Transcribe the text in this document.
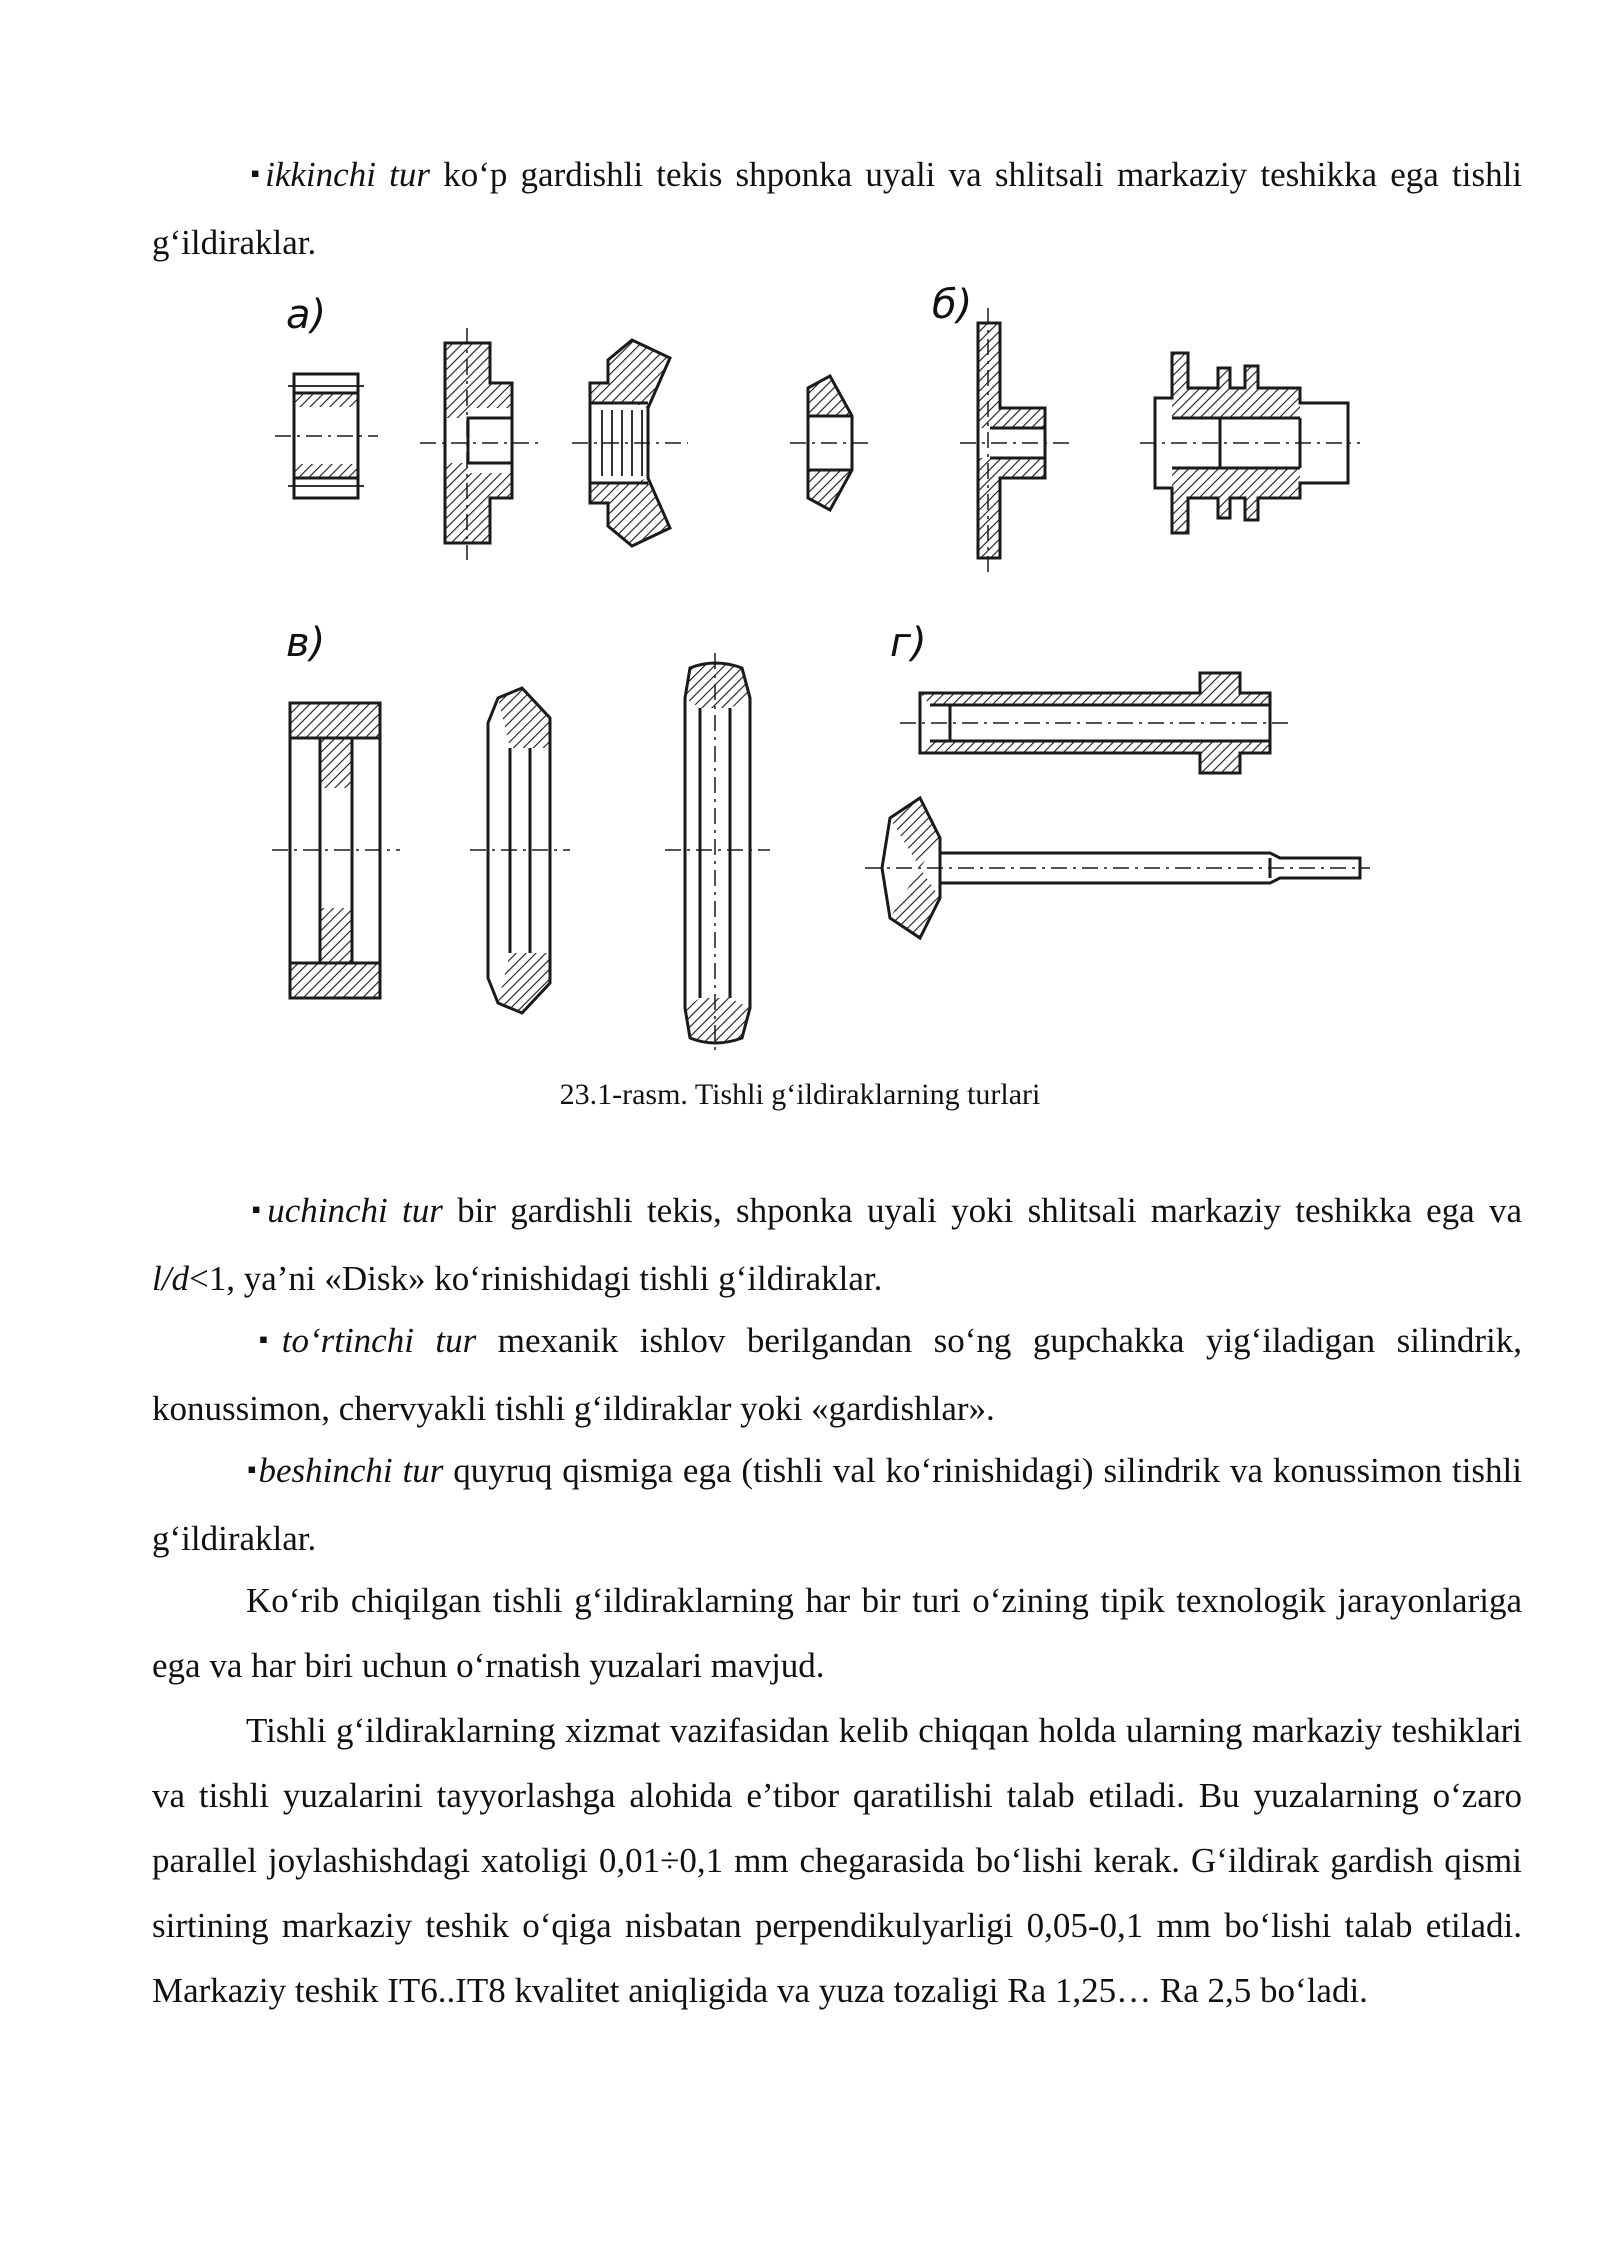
▪ikkinchi tur ko‘p gardishli tekis shponka uyali va shlitsali markaziy teshikka ega tishli g‘ildiraklar.

а)	б)
в)	г)
23.1-rasm. Tishli g‘ildiraklarning turlari

▪uchinchi tur bir gardishli tekis, shponka uyali yoki shlitsali markaziy teshikka ega va l/d<1, ya’ni «Disk» ko‘rinishidagi tishli g‘ildiraklar.

▪to‘rtinchi tur mexanik ishlov berilgandan so‘ng gupchakka yig‘iladigan silindrik, konussimon, chervyakli tishli g‘ildiraklar yoki «gardishlar».

▪beshinchi tur quyruq qismiga ega (tishli val ko‘rinishidagi) silindrik va konussimon tishli g‘ildiraklar.

Ko‘rib chiqilgan tishli g‘ildiraklarning har bir turi o‘zining tipik texnologik jarayonlariga ega va har biri uchun o‘rnatish yuzalari mavjud.

Tishli g‘ildiraklarning xizmat vazifasidan kelib chiqqan holda ularning markaziy teshiklari va tishli yuzalarini tayyorlashga alohida e’tibor qaratilishi talab etiladi. Bu yuzalarning o‘zaro parallel joylashishdagi xatoligi 0,01÷0,1 mm chegarasida bo‘lishi kerak. G‘ildirak gardish qismi sirtining markaziy teshik o‘qiga nisbatan perpendikulyarligi 0,05-0,1 mm bo‘lishi talab etiladi. Markaziy teshik IT6..IT8 kvalitet aniqligida va yuza tozaligi Ra 1,25… Ra 2,5 bo‘ladi.
